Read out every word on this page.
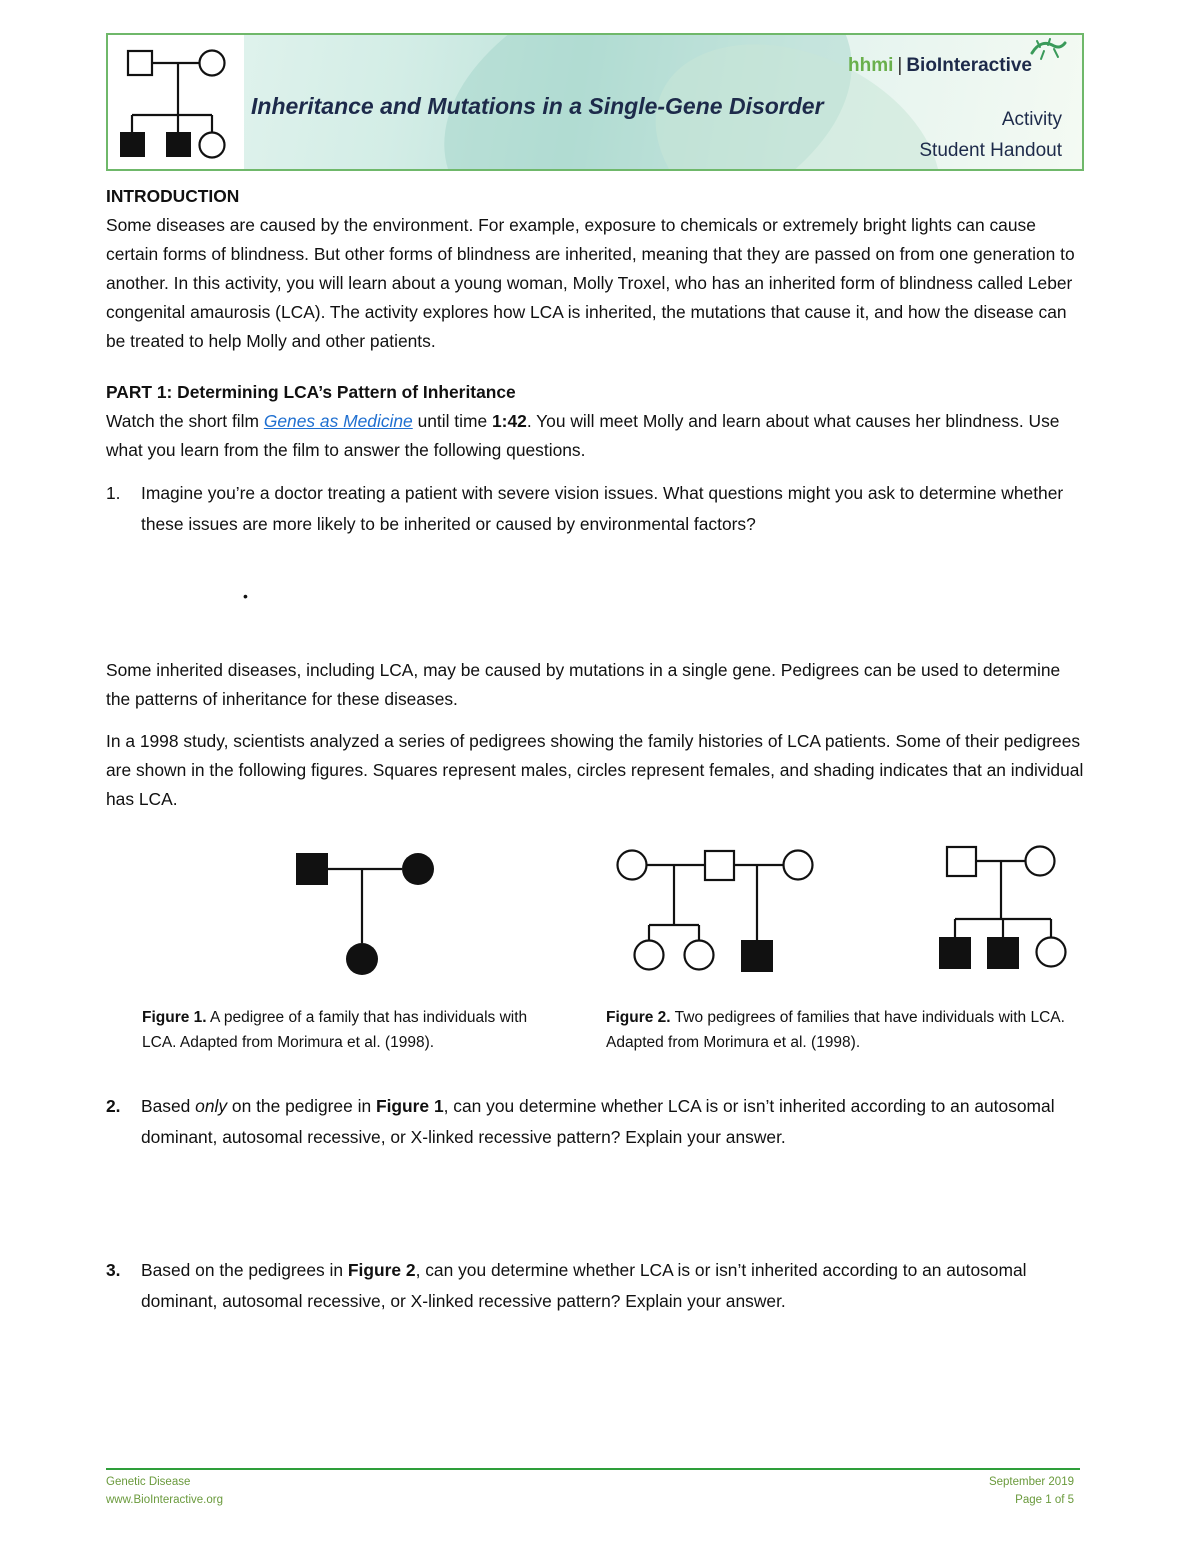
Inheritance and Mutations in a Single-Gene Disorder
hhmi | BioInteractive
Activity
Student Handout
INTRODUCTION
Some diseases are caused by the environment. For example, exposure to chemicals or extremely bright lights can cause certain forms of blindness. But other forms of blindness are inherited, meaning that they are passed on from one generation to another. In this activity, you will learn about a young woman, Molly Troxel, who has an inherited form of blindness called Leber congenital amaurosis (LCA). The activity explores how LCA is inherited, the mutations that cause it, and how the disease can be treated to help Molly and other patients.
PART 1: Determining LCA’s Pattern of Inheritance
Watch the short film Genes as Medicine until time 1:42. You will meet Molly and learn about what causes her blindness. Use what you learn from the film to answer the following questions.
1. Imagine you’re a doctor treating a patient with severe vision issues. What questions might you ask to determine whether these issues are more likely to be inherited or caused by environmental factors?
•
Some inherited diseases, including LCA, may be caused by mutations in a single gene. Pedigrees can be used to determine the patterns of inheritance for these diseases.
In a 1998 study, scientists analyzed a series of pedigrees showing the family histories of LCA patients. Some of their pedigrees are shown in the following figures. Squares represent males, circles represent females, and shading indicates that an individual has LCA.
Figure 1. A pedigree of a family that has individuals with LCA. Adapted from Morimura et al. (1998).
Figure 2. Two pedigrees of families that have individuals with LCA. Adapted from Morimura et al. (1998).
2. Based only on the pedigree in Figure 1, can you determine whether LCA is or isn’t inherited according to an autosomal dominant, autosomal recessive, or X-linked recessive pattern? Explain your answer.
3. Based on the pedigrees in Figure 2, can you determine whether LCA is or isn’t inherited according to an autosomal dominant, autosomal recessive, or X-linked recessive pattern? Explain your answer.
Genetic Disease
www.BioInteractive.org
September 2019
Page 1 of 5
